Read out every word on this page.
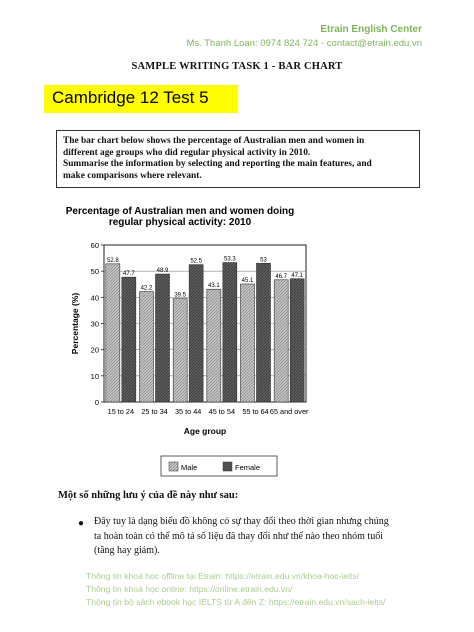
Etrain English Center
Ms. Thanh Loan: 0974 824 724 - contact@etrain.edu.vn
SAMPLE WRITING TASK 1 - BAR CHART
Cambridge 12 Test 5
The bar chart below shows the percentage of Australian men and women in
different age groups who did regular physical activity in 2010.
Summarise the information by selecting and reporting the main features, and
make comparisons where relevant.
Percentage of Australian men and women doing
regular physical activity: 2010
0
10
20
30
40
50
60
Percentage (%)
52.8
47.7
15 to 24
42.2
48.9
25 to 34
39.5
52.5
35 to 44
43.1
53.3
45 to 54
45.1
53
55 to 64
46.7 47.1
65 and over
Age group
Male	Female
Một số những lưu ý của đề này như sau:
● Đây tuy là dạng biểu đồ không có sự thay đổi theo thời gian nhưng chúng
ta hoàn toàn có thể mô tả số liệu đã thay đổi như thế nào theo nhóm tuổi
(tăng hay giảm).
Thông tin khoá học offline tại Etrain: https://etrain.edu.vn/khoa-hoc-ielts/
Thông tin khoá học online: https://online.etrain.edu.vn/
Thông tin bộ sách ebook học IELTS từ A đến Z: https://etrain.edu.vn/sach-ielts/
